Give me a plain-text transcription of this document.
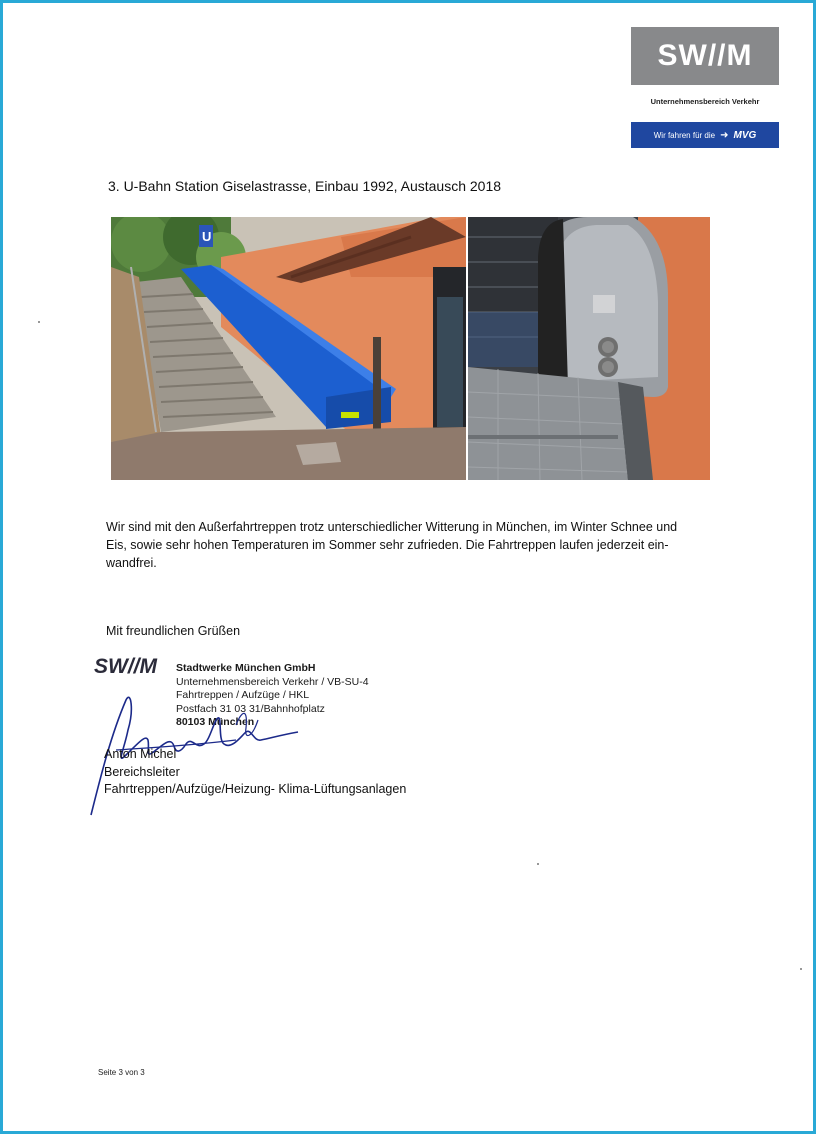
SW//M
Unternehmensbereich Verkehr
Wir fahren für die ➜ MVG
3. U-Bahn Station Giselastrasse, Einbau 1992, Austausch 2018
U
Wir sind mit den Außerfahrtreppen trotz unterschiedlicher Witterung in München, im Winter Schnee und
Eis, sowie sehr hohen Temperaturen im Sommer sehr zufrieden. Die Fahrtreppen laufen jederzeit ein-
wandfrei.
Mit freundlichen Grüßen
SW//M Stadtwerke München GmbH
Unternehmensbereich Verkehr / VB-SU-4
Fahrtreppen / Aufzüge / HKL
Postfach 31 03 31/Bahnhofplatz
80103 München
Anton Michel
Bereichsleiter
Fahrtreppen/Aufzüge/Heizung- Klima-Lüftungsanlagen
Seite 3 von 3
